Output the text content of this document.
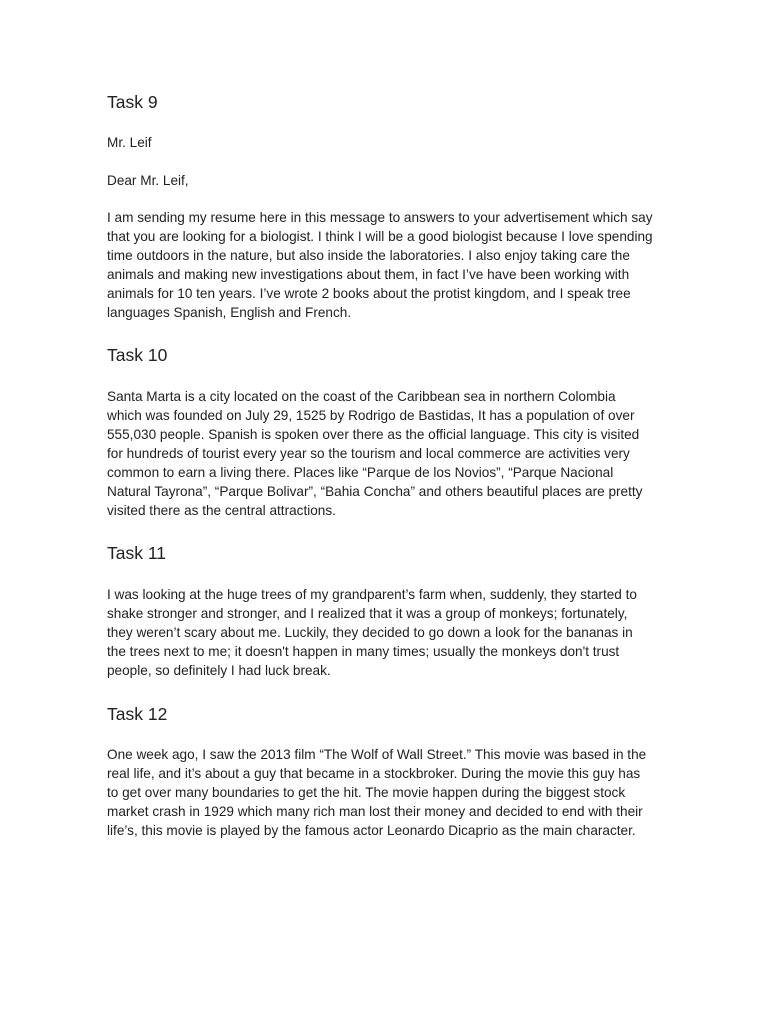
Task 9

Mr. Leif

Dear Mr. Leif,

I am sending my resume here in this message to answers to your advertisement which say
that you are looking for a biologist. I think I will be a good biologist because I love spending
time outdoors in the nature, but also inside the laboratories. I also enjoy taking care the
animals and making new investigations about them, in fact I’ve have been working with
animals for 10 ten years. I’ve wrote 2 books about the protist kingdom, and I speak tree
languages Spanish, English and French.

Task 10

Santa Marta is a city located on the coast of the Caribbean sea in northern Colombia
which was founded on July 29, 1525 by Rodrigo de Bastidas, It has a population of over
555,030 people. Spanish is spoken over there as the official language. This city is visited
for hundreds of tourist every year so the tourism and local commerce are activities very
common to earn a living there. Places like “Parque de los Novios”, “Parque Nacional
Natural Tayrona”, “Parque Bolivar”, “Bahia Concha” and others beautiful places are pretty
visited there as the central attractions.

Task 11

I was looking at the huge trees of my grandparent’s farm when, suddenly, they started to
shake stronger and stronger, and I realized that it was a group of monkeys; fortunately,
they weren’t scary about me. Luckily, they decided to go down a look for the bananas in
the trees next to me; it doesn't happen in many times; usually the monkeys don't trust
people, so definitely I had luck break.

Task 12

One week ago, I saw the 2013 film “The Wolf of Wall Street.” This movie was based in the
real life, and it’s about a guy that became in a stockbroker. During the movie this guy has
to get over many boundaries to get the hit. The movie happen during the biggest stock
market crash in 1929 which many rich man lost their money and decided to end with their
life’s, this movie is played by the famous actor Leonardo Dicaprio as the main character.
